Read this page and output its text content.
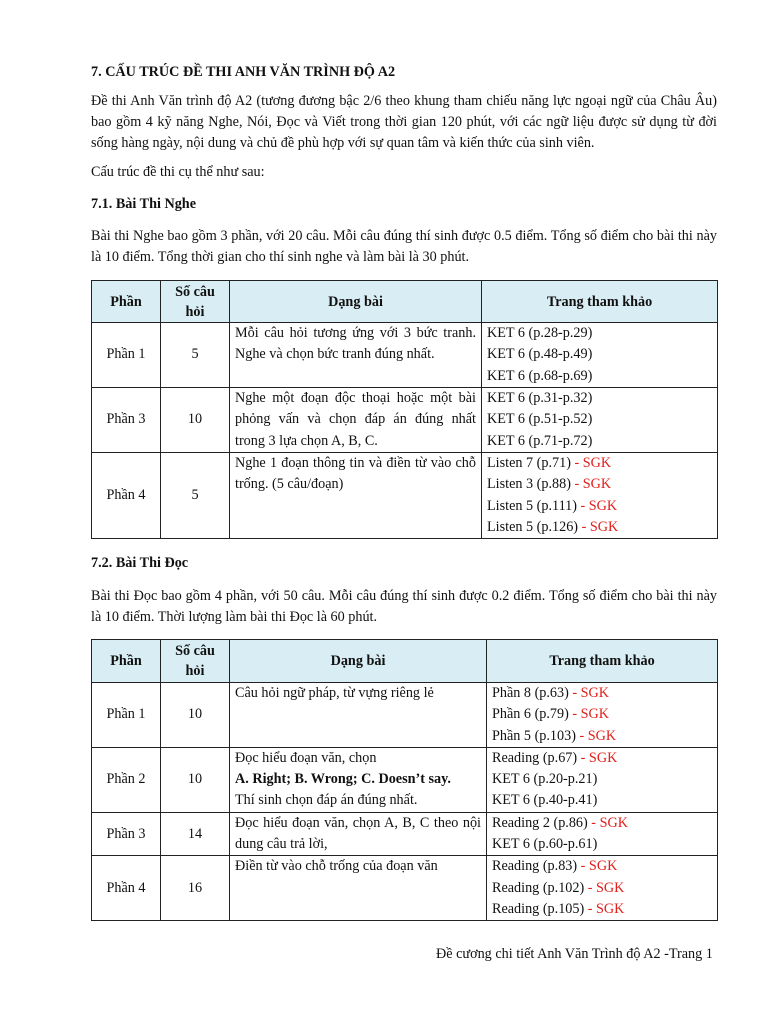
7. CẤU TRÚC ĐỀ THI ANH VĂN TRÌNH ĐỘ A2
Đề thi Anh Văn trình độ A2 (tương đương bậc 2/6 theo khung tham chiếu năng lực ngoại ngữ của Châu Âu) bao gồm 4 kỹ năng Nghe, Nói, Đọc và Viết trong thời gian 120 phút, với các ngữ liệu được sử dụng từ đời sống hàng ngày, nội dung và chủ đề phù hợp với sự quan tâm và kiến thức của sinh viên.
Cấu trúc đề thi cụ thể như sau:
7.1. Bài Thi Nghe
Bài thi Nghe bao gồm 3 phần, với 20 câu. Mỗi câu đúng thí sinh được 0.5 điểm. Tổng số điểm cho bài thi này là 10 điểm. Tổng thời gian cho thí sinh nghe và làm bài là 30 phút.
Phần	Số câu hỏi	Dạng bài	Trang tham khảo
Phần 1	5	Mỗi câu hỏi tương ứng với 3 bức tranh. Nghe và chọn bức tranh đúng nhất.	KET 6 (p.28-p.29)
KET 6 (p.48-p.49)
KET 6 (p.68-p.69)

Phần 3	10	Nghe một đoạn độc thoại hoặc một bài phỏng vấn và chọn đáp án đúng nhất trong 3 lựa chọn A, B, C.	KET 6 (p.31-p.32)
KET 6 (p.51-p.52)
KET 6 (p.71-p.72)

Phần 4	5	Nghe 1 đoạn thông tin và điền từ vào chỗ trống. (5 câu/đoạn)	Listen 7 (p.71) - SGK
Listen 3 (p.88) - SGK
Listen 5 (p.111) - SGK
Listen 5 (p.126) - SGK
7.2. Bài Thi Đọc
Bài thi Đọc bao gồm 4 phần, với 50 câu. Mỗi câu đúng thí sinh được 0.2 điểm. Tổng số điểm cho bài thi này là 10 điểm. Thời lượng làm bài thi Đọc là 60 phút.
Phần	Số câu hỏi	Dạng bài	Trang tham khảo
Phần 1	10	Câu hỏi ngữ pháp, từ vựng riêng lẻ	Phần 8 (p.63) - SGK
Phần 6 (p.79) - SGK
Phần 5 (p.103) - SGK

Phần 2	10	Đọc hiểu đoạn văn, chọn
A. Right; B. Wrong; C. Doesn’t say.
Thí sinh chọn đáp án đúng nhất.	Reading (p.67) - SGK
KET 6 (p.20-p.21)
KET 6 (p.40-p.41)

Phần 3	14	Đọc hiểu đoạn văn, chọn A, B, C theo nội dung câu trả lời,	Reading 2 (p.86) - SGK
KET 6 (p.60-p.61)

Phần 4	16	Điền từ vào chỗ trống của đoạn văn	Reading (p.83) - SGK
Reading (p.102) - SGK
Reading (p.105) - SGK
Đề cương chi tiết Anh Văn Trình độ A2 -Trang 1
